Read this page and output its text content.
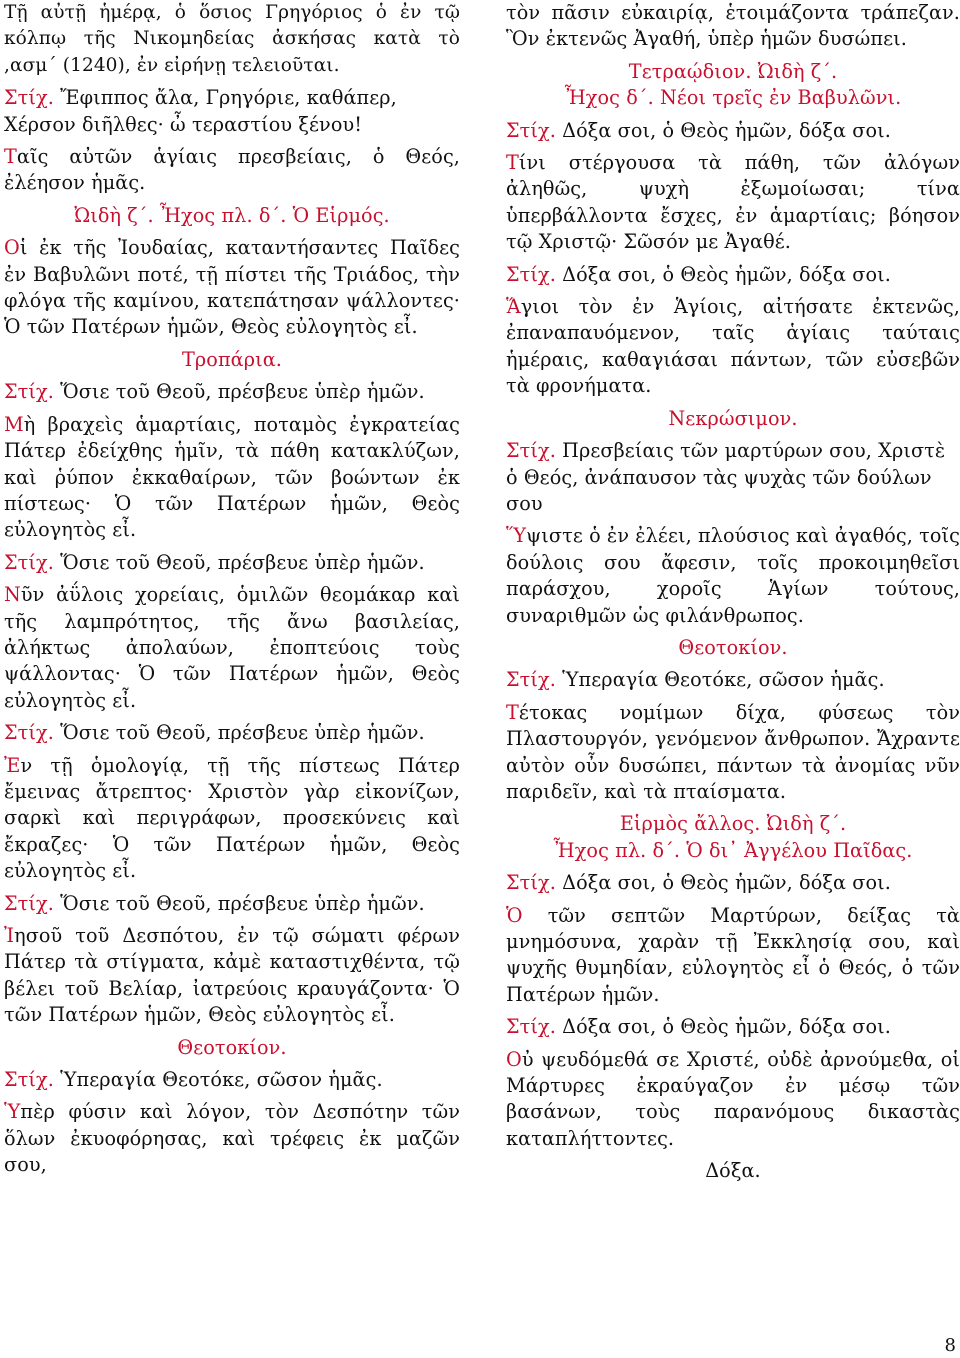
Τῇ αὐτῇ ἡμέρᾳ, ὁ ὅσιος Γρηγόριος ὁ ἐν τῷ κόλπῳ τῆς Νικομηδείας ἀσκήσας κατὰ τὸ ,ασμ΄ (1240), ἐν εἰρήνῃ τελειοῦται.

Στίχ. Ἔφιππος ἄλα, Γρηγόριε, καθάπερ, Χέρσον διῆλθες· ὦ τεραστίου ξένου!

Ταῖς αὐτῶν ἁγίαις πρεσβείαις, ὁ Θεός, ἐλέησον ἡμᾶς.

Ὠιδὴ ζ΄. Ἦχος πλ. δ΄. Ὁ Εἱρμός.

Οἱ ἐκ τῆς Ἰουδαίας, καταντήσαντες Παῖδες ἐν Βαβυλῶνι ποτέ, τῇ πίστει τῆς Τριάδος, τὴν φλόγα τῆς καμίνου, κατεπάτησαν ψάλλοντες· Ὁ τῶν Πατέρων ἡμῶν, Θεὸς εὐλογητὸς εἶ.

Τροπάρια.

Στίχ. Ὅσιε τοῦ Θεοῦ, πρέσβευε ὑπὲρ ἡμῶν.

Μὴ βραχεὶς ἁμαρτίαις, ποταμὸς ἐγκρατείας Πάτερ ἐδείχθης ἡμῖν, τὰ πάθη κατακλύζων, καὶ ῥύπον ἐκκαθαίρων, τῶν βοώντων ἐκ πίστεως· Ὁ τῶν Πατέρων ἡμῶν, Θεὸς εὐλογητὸς εἶ.

Στίχ. Ὅσιε τοῦ Θεοῦ, πρέσβευε ὑπὲρ ἡμῶν.

Νῦν ἀΰλοις χορείαις, ὁμιλῶν θεομάκαρ καὶ τῆς λαμπρότητος, τῆς ἄνω βασιλείας, ἀλήκτως ἀπολαύων, ἐποπτεύοις τοὺς ψάλλοντας· Ὁ τῶν Πατέρων ἡμῶν, Θεὸς εὐλογητὸς εἶ.

Στίχ. Ὅσιε τοῦ Θεοῦ, πρέσβευε ὑπὲρ ἡμῶν.

Ἐν τῇ ὁμολογίᾳ, τῇ τῆς πίστεως Πάτερ ἔμεινας ἄτρεπτος· Χριστὸν γὰρ εἰκονίζων, σαρκὶ καὶ περιγράφων, προσεκύνεις καὶ ἔκραζες· Ὁ τῶν Πατέρων ἡμῶν, Θεὸς εὐλογητὸς εἶ.

Στίχ. Ὅσιε τοῦ Θεοῦ, πρέσβευε ὑπὲρ ἡμῶν.

Ἰησοῦ τοῦ Δεσπότου, ἐν τῷ σώματι φέρων Πάτερ τὰ στίγματα, κἀμὲ καταστιχθέντα, τῷ βέλει τοῦ Βελίαρ, ἰατρεύοις κραυγάζοντα· Ὁ τῶν Πατέρων ἡμῶν, Θεὸς εὐλογητὸς εἶ.

Θεοτοκίον.

Στίχ. Ὑπεραγία Θεοτόκε, σῶσον ἡμᾶς.

Ὑπὲρ φύσιν καὶ λόγον, τὸν Δεσπότην τῶν ὅλων ἐκυοφόρησας, καὶ τρέφεις ἐκ μαζῶν σου,

τὸν πᾶσιν εὐκαιρίᾳ, ἑτοιμάζοντα τράπεζαν. Ὃν ἐκτενῶς Ἀγαθή, ὑπὲρ ἡμῶν δυσώπει.

Τετραῴδιον. Ὠιδὴ ζ΄.

Ἦχος δ΄. Νέοι τρεῖς ἐν Βαβυλῶνι.

Στίχ. Δόξα σοι, ὁ Θεὸς ἡμῶν, δόξα σοι.

Τίνι στέργουσα τὰ πάθη, τῶν ἀλόγων ἀληθῶς, ψυχὴ ἐξωμοίωσαι; τίνα ὑπερβάλλοντα ἔσχες, ἐν ἁμαρτίαις; βόησον τῷ Χριστῷ· Σῶσόν με Ἀγαθέ.

Στίχ. Δόξα σοι, ὁ Θεὸς ἡμῶν, δόξα σοι.

Ἅγιοι τὸν ἐν Ἁγίοις, αἰτήσατε ἐκτενῶς, ἐπαναπαυόμενον, ταῖς ἁγίαις ταύταις ἡμέραις, καθαγιάσαι πάντων, τῶν εὐσεβῶν τὰ φρονήματα.

Νεκρώσιμον.

Στίχ. Πρεσβείαις τῶν μαρτύρων σου, Χριστὲ ὁ Θεός, ἀνάπαυσον τὰς ψυχὰς τῶν δούλων σου

Ὕψιστε ὁ ἐν ἐλέει, πλούσιος καὶ ἀγαθός, τοῖς δούλοις σου ἄφεσιν, τοῖς προκοιμηθεῖσι παράσχου, χοροῖς Ἁγίων τούτους, συναριθμῶν ὡς φιλάνθρωπος.

Θεοτοκίον.

Στίχ. Ὑπεραγία Θεοτόκε, σῶσον ἡμᾶς.

Τέτοκας νομίμων δίχα, φύσεως τὸν Πλαστουργόν, γενόμενον ἄνθρωπον. Ἄχραντε αὐτὸν οὖν δυσώπει, πάντων τὰ ἀνομίας νῦν παριδεῖν, καὶ τὰ πταίσματα.

Εἱρμὸς ἄλλος. Ὠιδὴ ζ΄.

Ἦχος πλ. δ΄. Ὁ δι᾽ Ἀγγέλου Παῖδας.

Στίχ. Δόξα σοι, ὁ Θεὸς ἡμῶν, δόξα σοι.

Ὁ τῶν σεπτῶν Μαρτύρων, δείξας τὰ μνημόσυνα, χαρὰν τῇ Ἐκκλησίᾳ σου, καὶ ψυχῆς θυμηδίαν, εὐλογητὸς εἶ ὁ Θεός, ὁ τῶν Πατέρων ἡμῶν.

Στίχ. Δόξα σοι, ὁ Θεὸς ἡμῶν, δόξα σοι.

Οὐ ψευδόμεθά σε Χριστέ, οὐδὲ ἀρνούμεθα, οἱ Μάρτυρες ἐκραύγαζον ἐν μέσῳ τῶν βασάνων, τοὺς παρανόμους δικαστὰς καταπλήττοντες.

Δόξα.

8
